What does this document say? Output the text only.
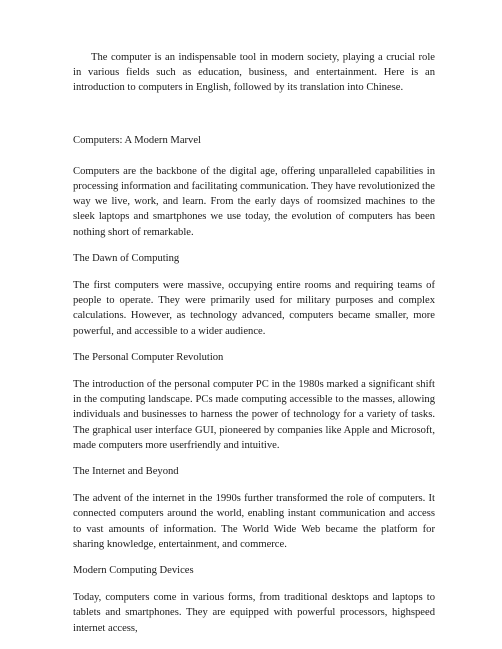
The computer is an indispensable tool in modern society, playing a crucial role in various fields such as education, business, and entertainment. Here is an introduction to computers in English, followed by its translation into Chinese.

Computers: A Modern Marvel

Computers are the backbone of the digital age, offering unparalleled capabilities in processing information and facilitating communication. They have revolutionized the way we live, work, and learn. From the early days of roomsized machines to the sleek laptops and smartphones we use today, the evolution of computers has been nothing short of remarkable.

The Dawn of Computing

The first computers were massive, occupying entire rooms and requiring teams of people to operate. They were primarily used for military purposes and complex calculations. However, as technology advanced, computers became smaller, more powerful, and accessible to a wider audience.

The Personal Computer Revolution

The introduction of the personal computer PC in the 1980s marked a significant shift in the computing landscape. PCs made computing accessible to the masses, allowing individuals and businesses to harness the power of technology for a variety of tasks. The graphical user interface GUI, pioneered by companies like Apple and Microsoft, made computers more userfriendly and intuitive.

The Internet and Beyond

The advent of the internet in the 1990s further transformed the role of computers. It connected computers around the world, enabling instant communication and access to vast amounts of information. The World Wide Web became the platform for sharing knowledge, entertainment, and commerce.

Modern Computing Devices

Today, computers come in various forms, from traditional desktops and laptops to tablets and smartphones. They are equipped with powerful processors, highspeed internet access,
